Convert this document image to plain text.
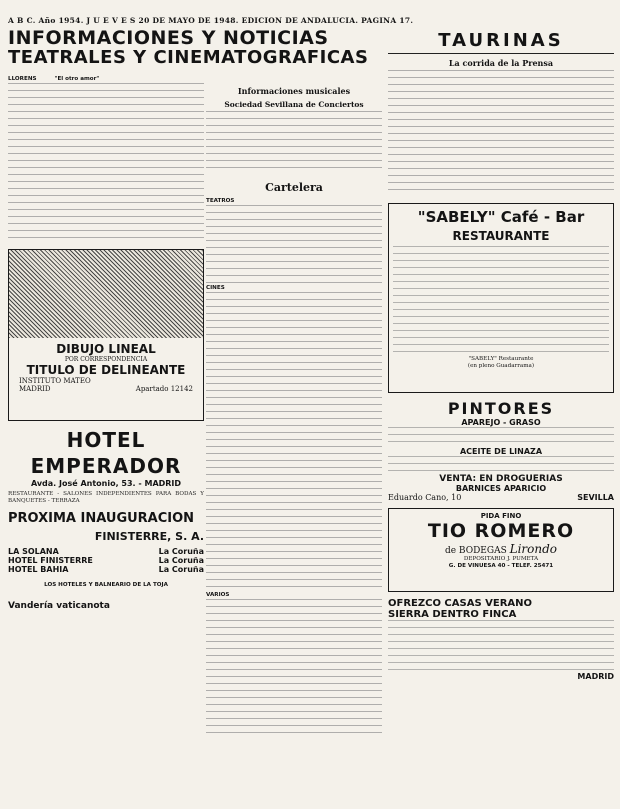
A B C. Año 1954. J U E V E S 20 DE MAYO DE 1948. EDICION DE ANDALUCIA. PAGINA 17.
INFORMACIONES Y NOTICIAS
TEATRALES Y CINEMATOGRAFICAS
LLORENS	"El otro amor"
DIBUJO LINEAL
POR CORRESPONDENCIA
TITULO DE DELINEANTE
INSTITUTO MATEO
MADRID	Apartado 12142
HOTEL EMPERADOR
Avda. José Antonio, 53. - MADRID
RESTAURANTE - SALONES INDEPENDIENTES PARA BODAS Y BANQUETES - TERRAZA
PROXIMA INAUGURACION
FINISTERRE, S. A.
LA SOLANA	La Coruña
HOTEL FINISTERRE	La Coruña
HOTEL BAHIA	La Coruña
LOS HOTELES Y BALNEARIO DE LA TOJA
Vandería vaticanota
Informaciones musicales
Sociedad Sevillana de Conciertos
Cartelera
TEATROS
CINES
VARIOS
TAURINAS
La corrida de la Prensa
"SABELY" Café - Bar
RESTAURANTE
"SABELY" Restaurante
(en pleno Guadarrama)
PINTORES
APAREJO - GRASO
ACEITE DE LINAZA
VENTA: EN DROGUERIAS
BARNICES APARICIO
Eduardo Cano, 10	SEVILLA
PIDA FINO
TIO ROMERO
de BODEGAS Lirondo
DEPOSITARIO J. PUMETA
G. DE VINUESA 40 - TELEF. 25471
OFREZCO CASAS VERANO
SIERRA DENTRO FINCA
MADRID
